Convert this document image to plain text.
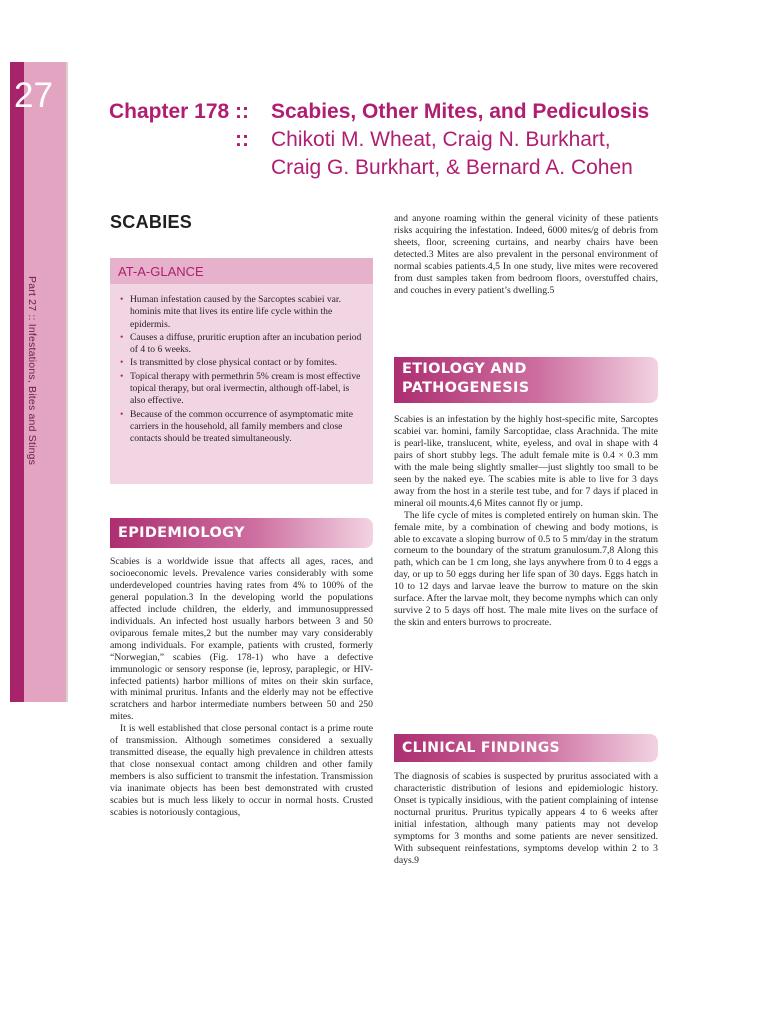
27
Part 27 :: Infestations, Bites and Stings
Chapter 178 :: Scabies, Other Mites, and Pediculosis
:: Chikoti M. Wheat, Craig N. Burkhart,
Craig G. Burkhart, & Bernard A. Cohen
SCABIES
AT-A-GLANCE
• Human infestation caused by the Sarcoptes scabiei var. hominis mite that lives its entire life cycle within the epidermis.
• Causes a diffuse, pruritic eruption after an incubation period of 4 to 6 weeks.
• Is transmitted by close physical contact or by fomites.
• Topical therapy with permethrin 5% cream is most effective topical therapy, but oral ivermectin, although off-label, is also effective.
• Because of the common occurrence of asymptomatic mite carriers in the household, all family members and close contacts should be treated simultaneously.
EPIDEMIOLOGY

Scabies is a worldwide issue that affects all ages, races, and socioeconomic levels. Prevalence varies considerably with some underdeveloped countries having rates from 4% to 100% of the general population.3 In the developing world the populations affected include children, the elderly, and immunosuppressed individuals. An infected host usually harbors between 3 and 50 oviparous female mites,2 but the number may vary considerably among individuals. For example, patients with crusted, formerly “Norwegian,” scabies (Fig. 178-1) who have a defective immunologic or sensory response (ie, leprosy, paraplegic, or HIV-infected patients) harbor millions of mites on their skin surface, with minimal pruritus. Infants and the elderly may not be effective scratchers and harbor intermediate numbers between 50 and 250 mites.

It is well established that close personal contact is a prime route of transmission. Although sometimes considered a sexually transmitted disease, the equally high prevalence in children attests that close nonsexual contact among children and other family members is also sufficient to transmit the infestation. Transmission via inanimate objects has been best demonstrated with crusted scabies but is much less likely to occur in normal hosts. Crusted scabies is notoriously contagious,

and anyone roaming within the general vicinity of these patients risks acquiring the infestation. Indeed, 6000 mites/g of debris from sheets, floor, screening curtains, and nearby chairs have been detected.3 Mites are also prevalent in the personal environment of normal scabies patients.4,5 In one study, live mites were recovered from dust samples taken from bedroom floors, overstuffed chairs, and couches in every patient’s dwelling.5

ETIOLOGY AND
PATHOGENESIS

Scabies is an infestation by the highly host-specific mite, Sarcoptes scabiei var. homini, family Sarcoptidae, class Arachnida. The mite is pearl-like, translucent, white, eyeless, and oval in shape with 4 pairs of short stubby legs. The adult female mite is 0.4 × 0.3 mm with the male being slightly smaller—just slightly too small to be seen by the naked eye. The scabies mite is able to live for 3 days away from the host in a sterile test tube, and for 7 days if placed in mineral oil mounts.4,6 Mites cannot fly or jump.

The life cycle of mites is completed entirely on human skin. The female mite, by a combination of chewing and body motions, is able to excavate a sloping burrow of 0.5 to 5 mm/day in the stratum corneum to the boundary of the stratum granulosum.7,8 Along this path, which can be 1 cm long, she lays anywhere from 0 to 4 eggs a day, or up to 50 eggs during her life span of 30 days. Eggs hatch in 10 to 12 days and larvae leave the burrow to mature on the skin surface. After the larvae molt, they become nymphs which can only survive 2 to 5 days off host. The male mite lives on the surface of the skin and enters burrows to procreate.

CLINICAL FINDINGS

The diagnosis of scabies is suspected by pruritus associated with a characteristic distribution of lesions and epidemiologic history. Onset is typically insidious, with the patient complaining of intense nocturnal pruritus. Pruritus typically appears 4 to 6 weeks after initial infestation, although many patients may not develop symptoms for 3 months and some patients are never sensitized. With subsequent reinfestations, symptoms develop within 2 to 3 days.9
